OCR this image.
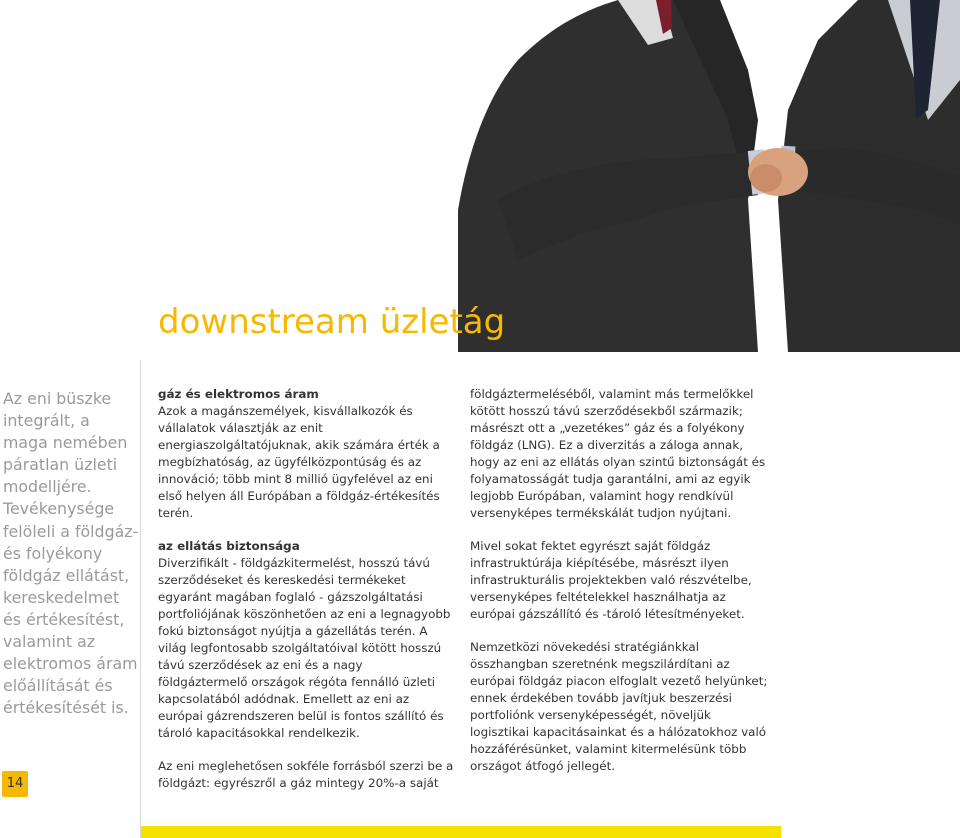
downstream üzletág

Az eni büszke integrált, a maga nemében páratlan üzleti modelljére. Tevékenysége felöleli a földgáz- és folyékony földgáz ellátást, kereskedelmet és értékesítést, valamint az elektromos áram előállítását és értékesítését is.

14
gáz és elektromos áram

Azok a magánszemélyek, kisvállalkozók és vállalatok választják az enit energiaszolgáltatójuknak, akik számára érték a megbízhatóság, az ügyfélközpontúság és az innováció; több mint 8 millió ügyfelével az eni első helyen áll Európában a földgáz-értékesítés terén.

az ellátás biztonsága

Diverzifikált - földgázkitermelést, hosszú távú szerződéseket és kereskedési termékeket egyaránt magában foglaló - gázszolgáltatási portfoliójának köszönhetően az eni a legnagyobb fokú biztonságot nyújtja a gázellátás terén. A világ legfontosabb szolgáltatóival kötött hosszú távú szerződések az eni és a nagy földgáztermelő országok régóta fennálló üzleti kapcsolatából adódnak. Emellett az eni az európai gázrendszeren belül is fontos szállító és tároló kapacitásokkal rendelkezik.

Az eni meglehetősen sokféle forrásból szerzi be a földgázt: egyrészről a gáz mintegy 20%-a saját

földgáztermeléséből, valamint más termelőkkel kötött hosszú távú szerződésekből származik; másrészt ott a „vezetékes” gáz és a folyékony földgáz (LNG). Ez a diverzitás a záloga annak, hogy az eni az ellátás olyan szintű biztonságát és folyamatosságát tudja garantálni, ami az egyik legjobb Európában, valamint hogy rendkívül versenyképes termékskálát tudjon nyújtani.

Mivel sokat fektet egyrészt saját földgáz infrastruktúrája kiépítésébe, másrészt ilyen infrastrukturális projektekben való részvételbe, versenyképes feltételekkel használhatja az európai gázszállító és -tároló létesítményeket.

Nemzetközi növekedési stratégiánkkal összhangban szeretnénk megszilárdítani az európai földgáz piacon elfoglalt vezető helyünket; ennek érdekében tovább javítjuk beszerzési portfoliónk versenyképességét, növeljük logisztikai kapacitásainkat és a hálózatokhoz való hozzáférésünket, valamint kitermelésünk több országot átfogó jellegét.
